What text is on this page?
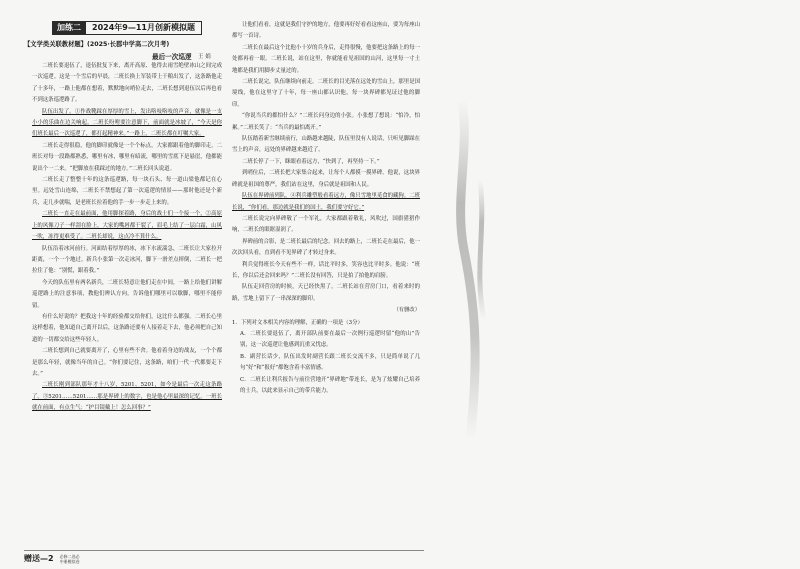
加练二	2024年9—11月创新模拟题
【文学类关联教材题】(2025·长郡中学高二次月考)
最后一次巡逻 王 娟

二班长要退伍了，退伍批复下来，离开高原、他得去雨雪绝壁冰山之间完成一次巡逻。这是一个雪后的早晨，二班长换上军装带上干粮出发了，这条路他走了十多年，一路上他都在想着，默默地向哨位走去，二班长想到退伍以后再也看不到这条巡逻路了。

队伍出发了。①作战靴踩在厚厚的雪上，发出咯吱咯吱的声音，就像是一支小小的乐曲在边关响起，二班长吩咐要注意脚下，前面就是冰坡了，“今天是你们班长最后一次巡逻了，都打起精神来。”一路上，二班长都在叮嘱大家。

二班长走得很稳，他的脚印就像是一个个标点，大家都跟着他的脚印走。二班长对每一段路都熟悉，哪里有冰，哪里有暗流，哪里的雪底下是悬崖，他都能说出个一二来。“把脚放在我踩过的地方。”二班长回头说道。

二班长走了整整十年的这条巡逻路，每一块石头、每一道山梁他都记在心里。远处雪山连绵，二班长不禁想起了第一次巡逻的情景——那时他还是个新兵，走几步就喘，是老班长拉着他的手一步一步走上来的。

二班长一直走在最前面，他用脚探着路，身后的战士们一个接一个，②高原上的风像刀子一样刮在脸上，大家的嘴唇都干裂了，眉毛上结了一层白霜，山风一吹，冻得更难受了。二班长却说，这点冷不算什么。

队伍沿着冰河前行。河面结着厚厚的冰，冰下水流湍急，二班长让大家拉开距离，一个一个地过。新兵小张第一次走冰河，脚下一滑差点摔倒，二班长一把拉住了他：“别慌，跟着我。”

今天的队伍里有两名新兵，二班长特意让他们走在中间，一路上给他们讲解巡逻路上的注意事项，教他们辨认方向，告诉他们哪里可以歇脚，哪里不能停留。

有什么好说的？把我这十年的经验都交给你们，这比什么都强。二班长心里这样想着，他知道自己离开以后，这条路还要有人接着走下去，他必须把自己知道的一切都交给这些年轻人。

二班长想到自己就要离开了，心里有些不舍。他看着身边的战友，一个个都是那么年轻，就像当年的自己。“你们要记住，这条路，咱们一代一代都要走下去。”

二班长刚到部队那年才十八岁，5201、5201，如今是最后一次走这条路了。③5201……5201……那是界碑上的数字，也是他心里最深的记忆。一班长就在前面，有点生气：“护目镜戴上！怎么回事？”

让他们看看，这就是我们守护的地方，他要再好好看看这座山，要为每座山都写一首诗。

二班长在最后这个比他小十岁的兵身后，走得很慢，他要把这条路上的每一处都再看一眼。二班长说，站在这里，你就能看见祖国的山河，这里每一寸土地都是我们用脚步丈量过的。

二班长说完，队伍继续向前走。二班长的目光落在远处的雪山上，那里是国境线，他在这里守了十年，每一座山都认识他，每一块界碑都见证过他的脚印。

“你说当兵的都怕什么？”二班长问身边的小张。小张想了想说：“怕冷，怕累。”二班长笑了：“当兵的最怕离开。”

队伍踏着新雪继续前行，山路越来越陡，队伍里没有人说话，只听见脚踩在雪上的声音，远处的界碑越来越近了。

二班长停了一下，眯眼看着远方，“快到了，再坚持一下。”

到哨位后，二班长把大家集合起来，让每个人都摸一摸界碑。他说，这块界碑就是祖国的尊严，我们站在这里，身后就是祖国和人民。

队伍在界碑前列队，④利兵雕塑般看着远方，像只雪地里觅食的藏狗。二班长说，“你们看，那边就是我们的国土，我们要守好它。”

二班长说完向界碑敬了一个军礼，大家都跟着敬礼，风吹过，国旗猎猎作响，二班长的眼眶湿润了。

界碑前的合影，是二班长最后的纪念。回去的路上，二班长走在最后，他一次次回头看，直到看不见界碑了才转过身来。

利兵觉得班长今天有些不一样，话比平时多，笑容也比平时多。他说：“班长，你以后还会回来吗？”二班长没有回答，只是拍了拍他的肩膀。

队伍走回营房的时候，天已经快黑了。二班长站在营房门口，看着来时的路，雪地上留下了一串深深的脚印。

（有删改）

1．下列对文本相关内容的理解，正确的一项是（3分）

A．二班长要退伍了，离开部队前要在最后一次例行巡逻时留“他的山”告别，这一次巡逻让他感到沉重又忧虑。

B．副营长话少，队伍出发时副营长跟二班长交流不多，只是简单说了几句“好”和“报好”都饱含着丰富情感。

C．二班长让利兵报告与前往营地开“界碑地”带连长，是为了炫耀自己培养的士兵，以此来显示自己的带兵能力。

赠送—2 必修二选必
中册模拟卷
